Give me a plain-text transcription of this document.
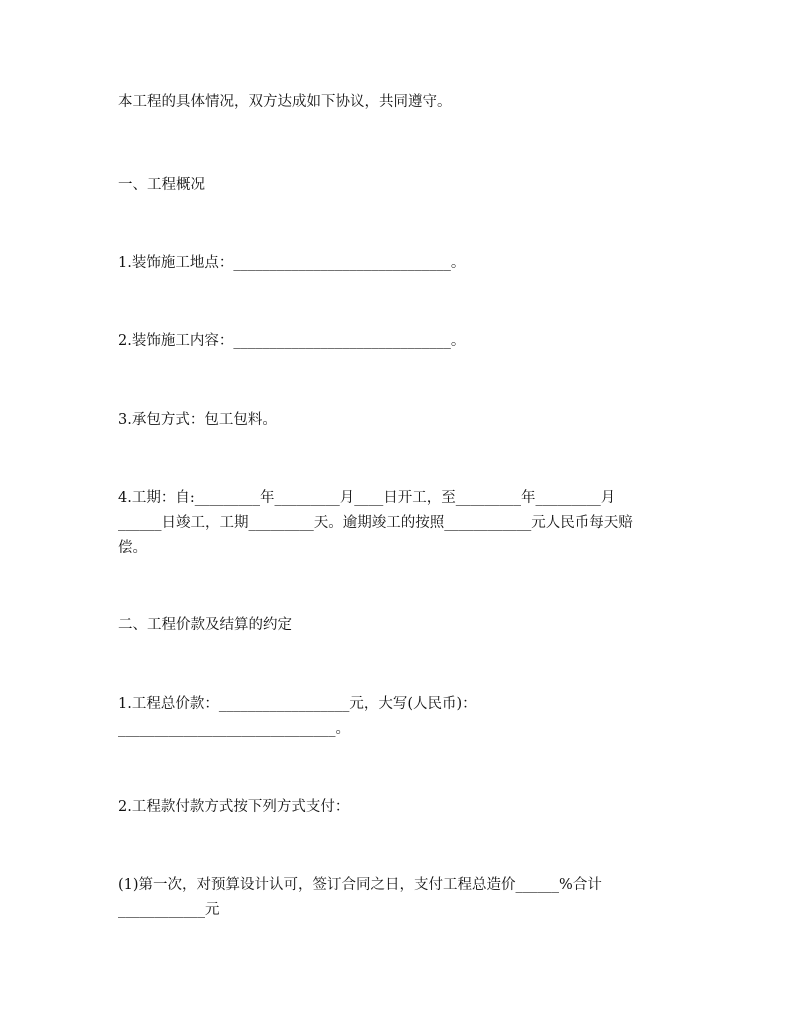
本工程的具体情况，双方达成如下协议，共同遵守。
一、工程概况
1.装饰施工地点：______________________________。
2.装饰施工内容：______________________________。
3.承包方式：包工包料。
4.工期：自:_________年_________月____日开工，至_________年_________月
______日竣工，工期_________天。逾期竣工的按照____________元人民币每天赔
偿。
二、工程价款及结算的约定
1.工程总价款：__________________元，大写(人民币)：
______________________________。
2.工程款付款方式按下列方式支付：
(1)第一次，对预算设计认可，签订合同之日，支付工程总造价______%合计
____________元
